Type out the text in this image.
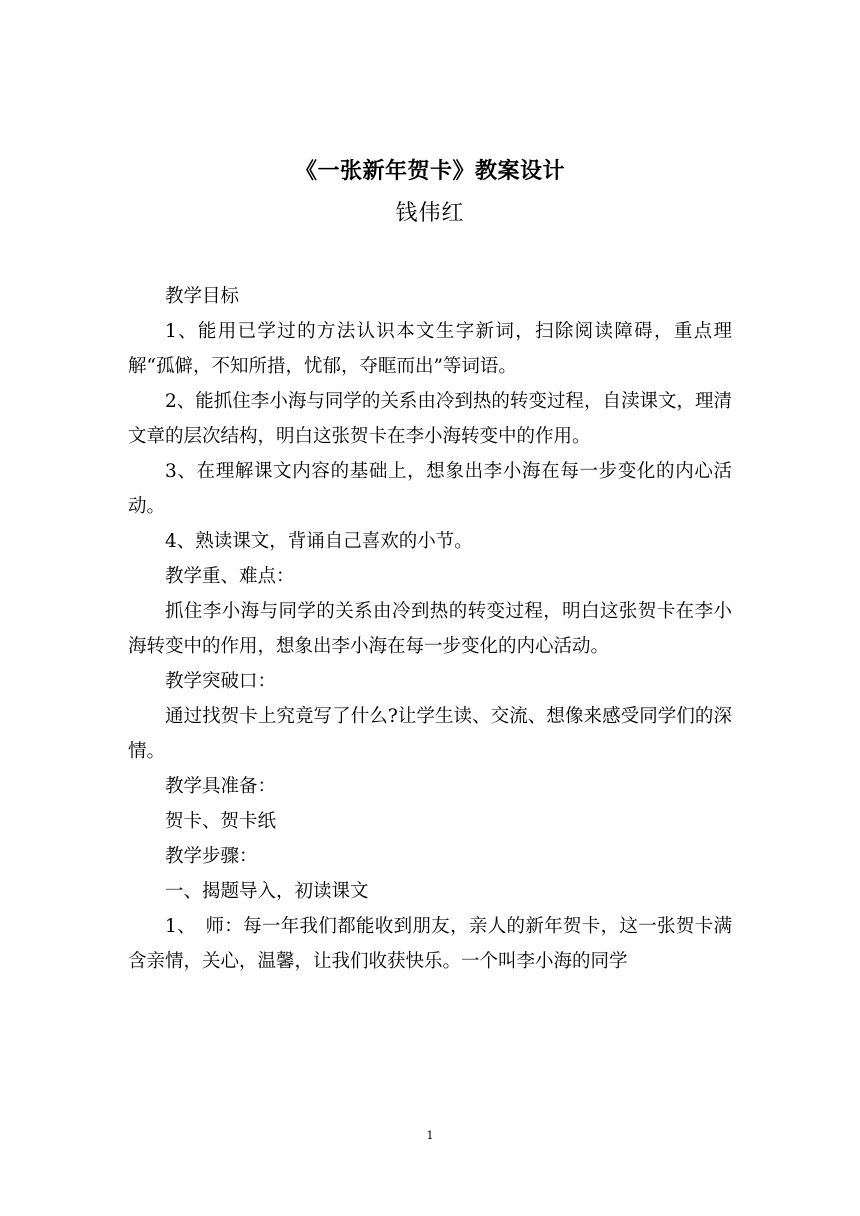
《一张新年贺卡》教案设计
钱伟红

教学目标

1、能用已学过的方法认识本文生字新词，扫除阅读障碍，重点理解“孤僻，不知所措，忧郁，夺眶而出”等词语。

2、能抓住李小海与同学的关系由冷到热的转变过程，自渎课文，理清文章的层次结构，明白这张贺卡在李小海转变中的作用。

3、在理解课文内容的基础上，想象出李小海在每一步变化的内心活动。

4、熟读课文，背诵自己喜欢的小节。

教学重、难点：

抓住李小海与同学的关系由冷到热的转变过程，明白这张贺卡在李小海转变中的作用，想象出李小海在每一步变化的内心活动。

教学突破口：

通过找贺卡上究竟写了什么?让学生读、交流、想像来感受同学们的深情。

教学具准备：

贺卡、贺卡纸

教学步骤：

一、揭题导入，初读课文

1、　师：每一年我们都能收到朋友，亲人的新年贺卡，这一张贺卡满含亲情，关心，温馨，让我们收获快乐。一个叫李小海的同学

1
